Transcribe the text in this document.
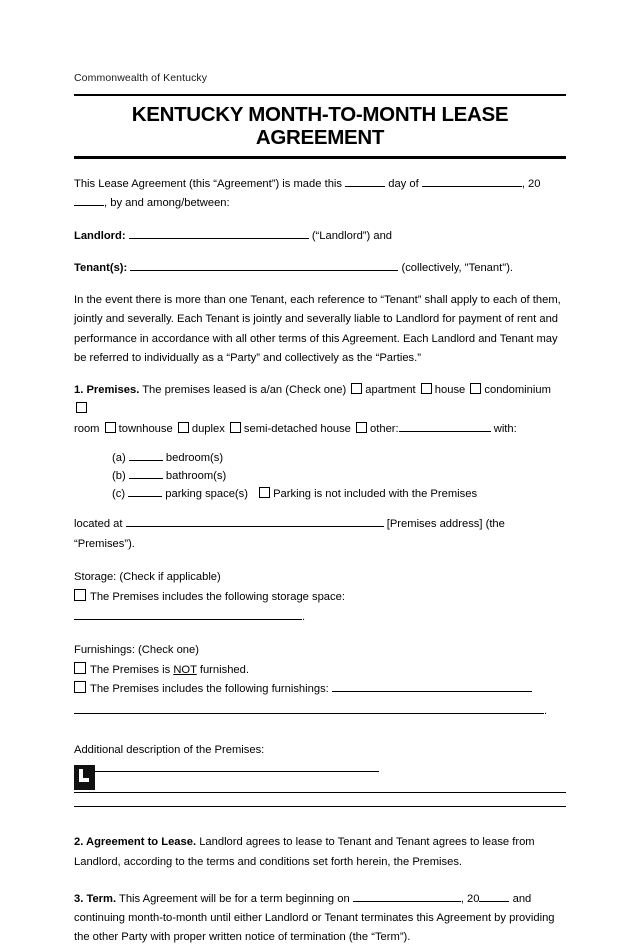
Commonwealth of Kentucky
KENTUCKY MONTH-TO-MONTH LEASE AGREEMENT

This Lease Agreement (this “Agreement”) is made this	day of	, 20, by and among/between:

Landlord:	(“Landlord”) and

Tenant(s):	(collectively, "Tenant").

In the event there is more than one Tenant, each reference to “Tenant” shall apply to each of them, jointly and severally. Each Tenant is jointly and severally liable to Landlord for payment of rent and performance in accordance with all other terms of this Agreement. Each Landlord and Tenant may be referred to individually as a “Party” and collectively as the “Parties.”

1. Premises. The premises leased is a/an (Check one) apartment house condominium

room townhouse duplex semi-detached house other:	with:

(a)	bedroom(s)

(b)	bathroom(s)

(c)	parking space(s) Parking is not included with the Premises

located at	[Premises address] (the “Premises”).

Storage: (Check if applicable)

The Premises includes the following storage space: .

Furnishings: (Check one)

The Premises is NOT furnished.

The Premises includes the following furnishings:

.

Additional description of the Premises:

2. Agreement to Lease. Landlord agrees to lease to Tenant and Tenant agrees to lease from Landlord, according to the terms and conditions set forth herein, the Premises.

3. Term. This Agreement will be for a term beginning on	, 20	and continuing month-to-month until either Landlord or Tenant terminates this Agreement by providing the other Party with proper written notice of termination (the “Term”).
